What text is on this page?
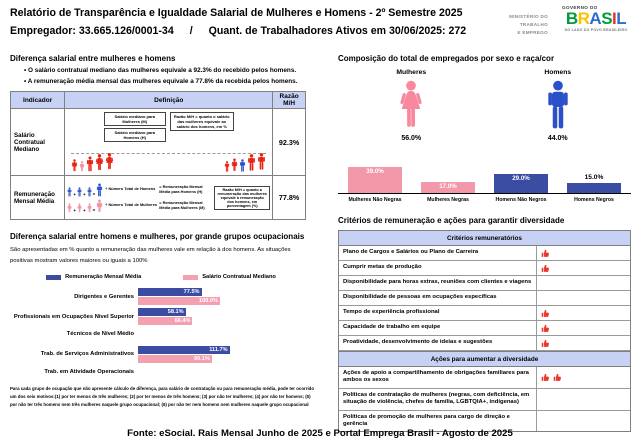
Relatório de Transparência e Igualdade Salarial de Mulheres e Homens - 2º Semestre 2025
Empregador: 33.665.126/0001-34 / Quant. de Trabalhadores Ativos em 30/06/2025: 272
MINISTÉRIO DO
TRABALHO
E EMPREGO
GOVERNO DO
BRASIL
DO LADO DO POVO BRASILEIRO
Diferença salarial entre mulheres e homens
• O salário contratual mediano das mulheres equivale a 92.3% do recebido pelos homens.
• A remuneração média mensal das mulheres equivale a 77.8% da recebida pelos homens.
Indicador	Definição	Razão M/H
Salário Contratual Mediano	Salário mediano para Mulheres (M)
Salário mediano para Homens (H)
Razão M/H = quanto o salário das mulheres equivale ao salário dos homens, em %	92.3%
Remuneração Mensal Média	
+ + =
÷ Número Total de Homens	= Remuneração Mensal Média para Homens (H)
+ + =
÷ Número Total de Mulheres = Remuneração Mensal Média para Mulheres (M)
Razão M/H = quanto a remuneração das mulheres equivale à remuneração dos homens, em porcentagem (%)
	77.8%
Diferença salarial entre homens e mulheres, por grande grupos ocupacionais
São apresentadas em % quanto a remuneração das mulheres vale em relação à dos homens. As situações positivas mostram valores maiores ou iguais a 100%
Remuneração Mensal Média	Salário Contratual Mediano
Dirigentes e Gerentes
77.5%
100.0%
Profissionais em Ocupações Nível Superior
58.1%
66.4%
Técnicos de Nível Médio
Trab. de Serviços Administrativos
111.7%
90.1%
Trab. em Atividade Operacionais
Para cada grupo de ocupação que não apresente cálculo de diferença, para salário de contratação ou para remuneração média, pode ter ocorrido um dos seis motivos:(1) por ter menos de três mulheres; (2) por ter menos de três homens; (3) por não ter mulheres; (4) por não ter homens; (5) por não ter três homens nem três mulheres naquele grupo ocupacional; (6) por não ter nem homens nem mulheres naquele grupo ocupacional
Composição do total de empregados por sexo e raça/cor
Mulheres
56.0%
Homens
44.0%
39.0%
17.0%
29.0%	15.0%
Mulheres Não Negras	Mulheres Negras	Homens Não Negros	Homens Negros
Critérios de remuneração e ações para garantir diversidade
Critérios remuneratórios
Plano de Cargos e Salários ou Plano de Carreira
Cumprir metas de produção
Disponibilidade para horas extras, reuniões com clientes e viagens
Disponibilidade de pessoas em ocupações específicas
Tempo de experiência profissional
Capacidade de trabalho em equipe
Proatividade, desenvolvimento de ideias e sugestões
Ações para aumentar a diversidade
Ações de apoio a compartilhamento de obrigações familiares para ambos os sexos
Políticas de contratação de mulheres (negras, com deficiência, em situação de violência, chefes de família, LGBTQIA+, indígenas)
Políticas de promoção de mulheres para cargo de direção e gerência
Fonte: eSocial. Rais Mensal Junho de 2025 e Portal Emprega Brasil - Agosto de 2025
